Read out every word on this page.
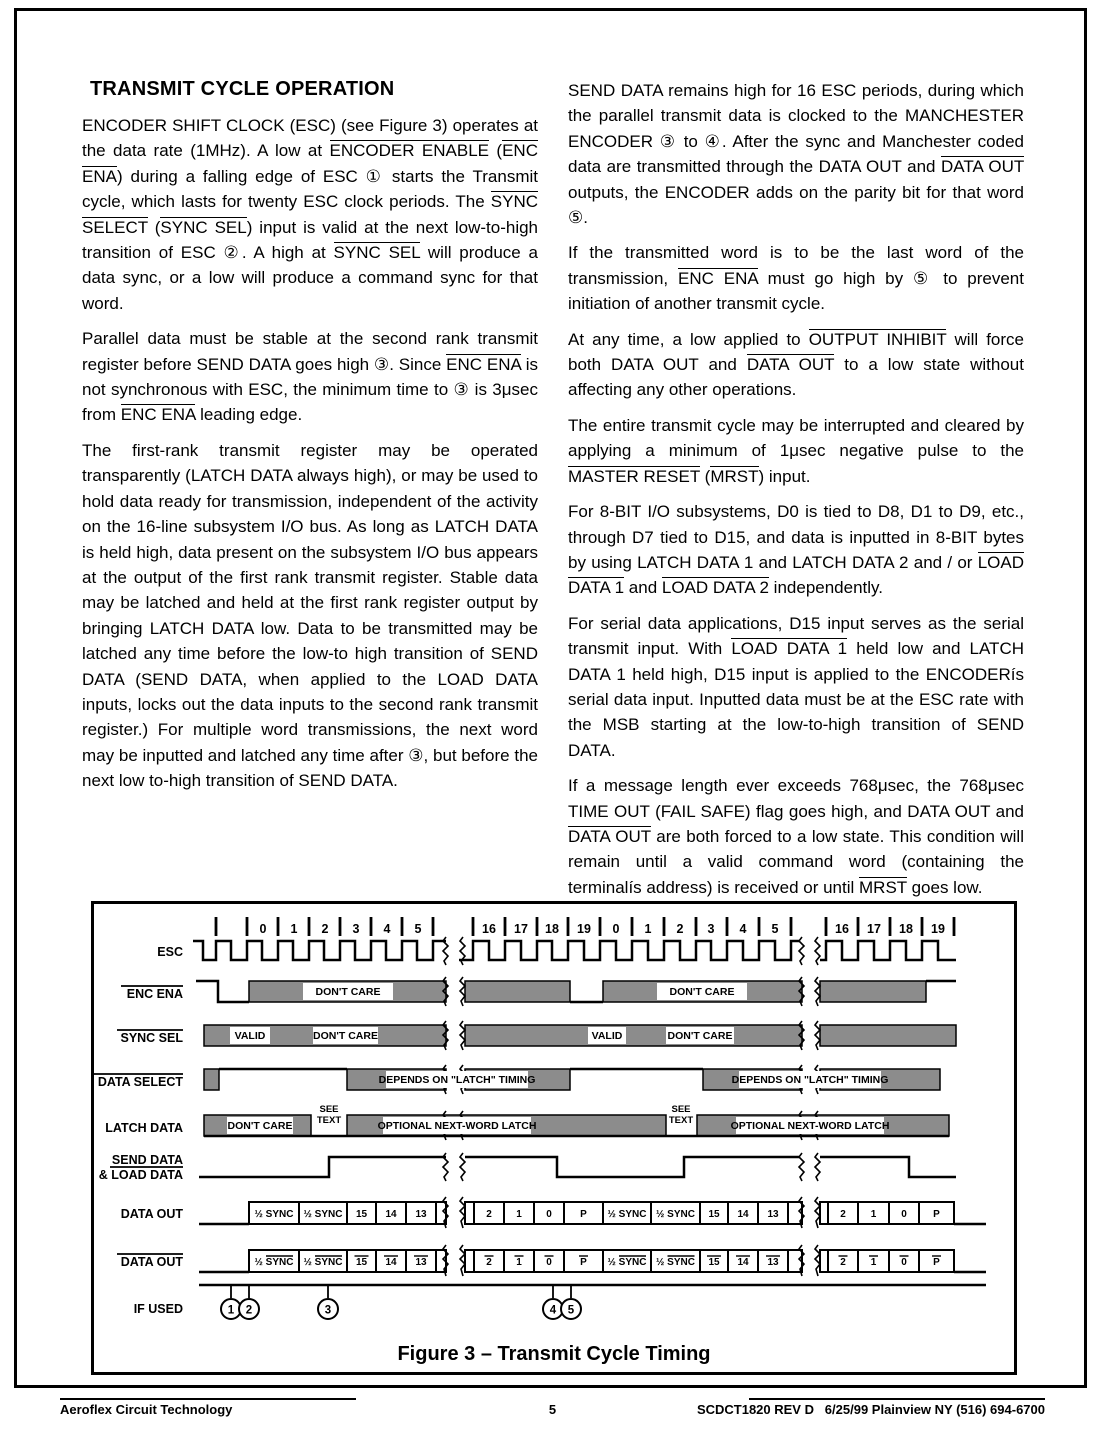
TRANSMIT CYCLE OPERATION

ENCODER SHIFT CLOCK (ESC) (see Figure 3) operates at the data rate (1MHz). A low at ENCODER ENABLE (ENC ENA) during a falling edge of ESC ① starts the Transmit cycle, which lasts for twenty ESC clock periods. The SYNC SELECT (SYNC SEL) input is valid at the next low-to-high transition of ESC ②. A high at SYNC SEL will produce a data sync, or a low will produce a command sync for that word.

Parallel data must be stable at the second rank transmit register before SEND DATA goes high ③. Since ENC ENA is not synchronous with ESC, the minimum time to ③ is 3μsec from ENC ENA leading edge.

The first-rank transmit register may be operated transparently (LATCH DATA always high), or may be used to hold data ready for transmission, independent of the activity on the 16-line subsystem I/O bus. As long as LATCH DATA is held high, data present on the subsystem I/O bus appears at the output of the first rank transmit register. Stable data may be latched and held at the first rank register output by bringing LATCH DATA low. Data to be transmitted may be latched any time before the low-to high transition of SEND DATA (SEND DATA, when applied to the LOAD DATA inputs, locks out the data inputs to the second rank transmit register.) For multiple word transmissions, the next word may be inputted and latched any time after ③, but before the next low to-high transition of SEND DATA.

SEND DATA remains high for 16 ESC periods, during which the parallel transmit data is clocked to the MANCHESTER ENCODER ③ to ④. After the sync and Manchester coded data are transmitted through the DATA OUT and DATA OUT outputs, the ENCODER adds on the parity bit for that word ⑤.

If the transmitted word is to be the last word of the transmission, ENC ENA must go high by ⑤ to prevent initiation of another transmit cycle.

At any time, a low applied to OUTPUT INHIBIT will force both DATA OUT and DATA OUT to a low state without affecting any other operations.

The entire transmit cycle may be interrupted and cleared by applying a minimum of 1μsec negative pulse to the MASTER RESET (MRST) input.

For 8-BIT I/O subsystems, D0 is tied to D8, D1 to D9, etc., through D7 tied to D15, and data is inputted in 8-BIT bytes by using LATCH DATA 1 and LATCH DATA 2 and / or LOAD DATA 1 and LOAD DATA 2 independently.

For serial data applications, D15 input serves as the serial transmit input. With LOAD DATA 1 held low and LATCH DATA 1 held high, D15 input is applied to the ENCODERís serial data input. Inputted data must be at the ESC rate with the MSB starting at the low-to-high transition of SEND DATA.

If a message length ever exceeds 768μsec, the 768μsec TIME OUT (FAIL SAFE) flag goes high, and DATA OUT and DATA OUT are both forced to a low state. This condition will remain until a valid command word (containing the terminalís address) is received or until MRST goes low.

0 1 2 3 4 5	16 17 18 19 0 1 2 3 4 5	16 17 18 19
½ SYNC ½ SYNC 15 14 13	2 1 0	P ½ SYNC ½ SYNC 15 14 13	2 1 0	P
½ SYNC ½ SYNC 15 14 13	2 1 0	P ½ SYNC ½ SYNC 15 14 13	2 1 0	P
DON'T CARE	DON'T CARE
VALID	DON'T CARE	VALID	DON'T CARE
DEPENDS ON "LATCH" TIMING	DEPENDS ON "LATCH" TIMING
DON'T CARE	OPTIONAL NEXT-WORD LATCH	OPTIONAL NEXT-WORD LATCH
SEE
TEXT
SEE
TEXT
ESC
ENC ENA
SYNC SEL
DATA SELECT
LATCH DATA
SEND DATA
& LOAD DATA
DATA OUT
DATA OUT
IF USED	1 2	3	4 5
Figure 3 – Transmit Cycle Timing
Aeroflex Circuit Technology	5	SCDCT1820 REV D   6/25/99 Plainview NY (516) 694-6700
